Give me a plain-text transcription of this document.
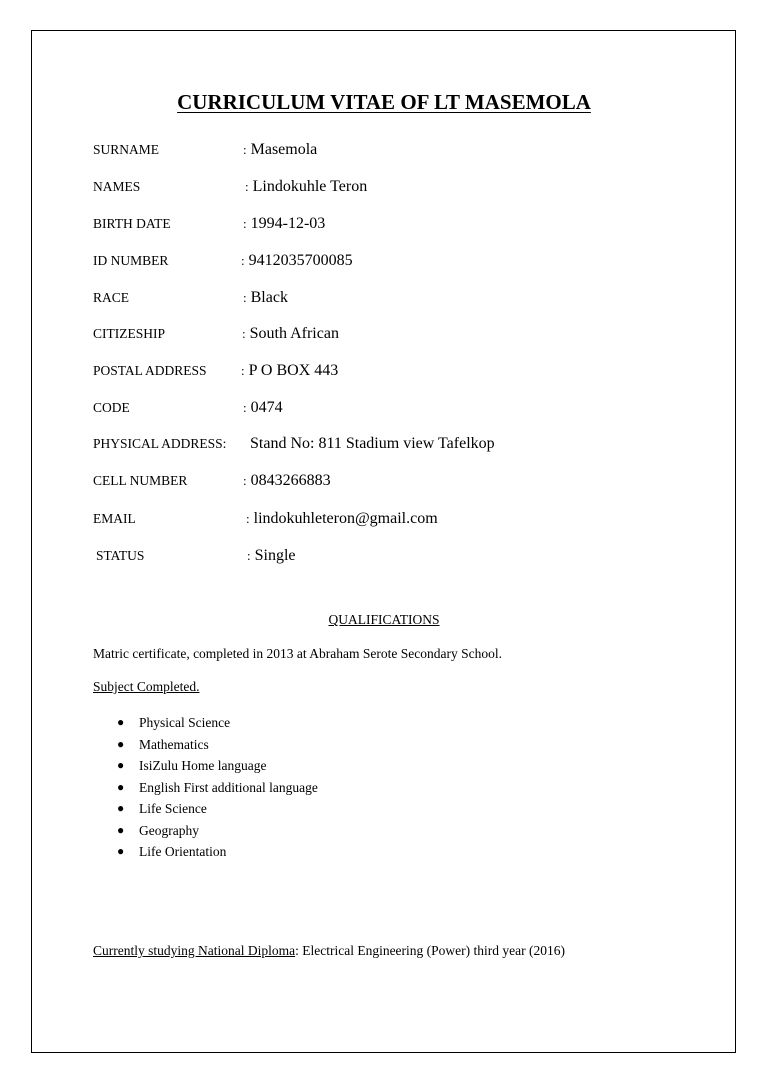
CURRICULUM VITAE OF LT MASEMOLA
SURNAME	: Masemola
NAMES	: Lindokuhle Teron
BIRTH DATE	: 1994-12-03
ID NUMBER	: 9412035700085
RACE	: Black
CITIZESHIP	: South African
POSTAL ADDRESS	: P O BOX 443
CODE	: 0474
PHYSICAL ADDRESS: Stand No: 811 Stadium view Tafelkop
CELL NUMBER	: 0843266883
EMAIL	: lindokuhleteron@gmail.com
STATUS	: Single
QUALIFICATIONS
Matric certificate, completed in 2013 at Abraham Serote Secondary School.
Subject Completed.
● Physical Science
● Mathematics
● IsiZulu Home language
● English First additional language
● Life Science
● Geography
● Life Orientation
Currently studying National Diploma: Electrical Engineering (Power) third year (2016)
